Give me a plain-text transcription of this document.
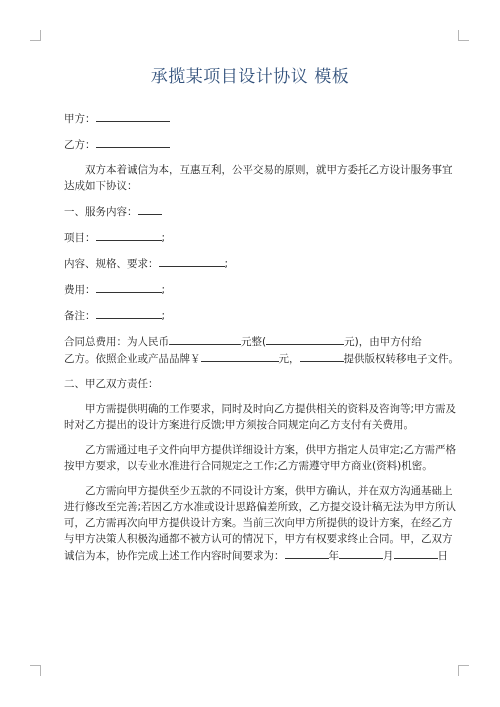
承揽某项目设计协议 模板
甲方：
乙方：
双方本着诚信为本，互惠互利，公平交易的原则，就甲方委托乙方设计服务事宜
达成如下协议：
一、服务内容：
项目：	;
内容、规格、要求：	;
费用：	;
备注：	;
合同总费用：为人民币	元整(	元)，由甲方付给
乙方。依照企业或产品品牌￥	元，	提供版权转移电子文件。
二、甲乙双方责任：
甲方需提供明确的工作要求，同时及时向乙方提供相关的资料及咨询等;甲方需及
时对乙方提出的设计方案进行反馈;甲方须按合同规定向乙方支付有关费用。
乙方需通过电子文件向甲方提供详细设计方案，供甲方指定人员审定;乙方需严格
按甲方要求，以专业水准进行合同规定之工作;乙方需遵守甲方商业(资料)机密。
乙方需向甲方提供至少五款的不同设计方案，供甲方确认，并在双方沟通基础上
进行修改至完善;若因乙方水准或设计思路偏差所致，乙方提交设计稿无法为甲方所认
可，乙方需再次向甲方提供设计方案。当前三次向甲方所提供的设计方案，在经乙方
与甲方决策人积极沟通都不被方认可的情况下，甲方有权要求终止合同。甲，乙双方
诚信为本，协作完成上述工作内容时间要求为：	年	月	日
